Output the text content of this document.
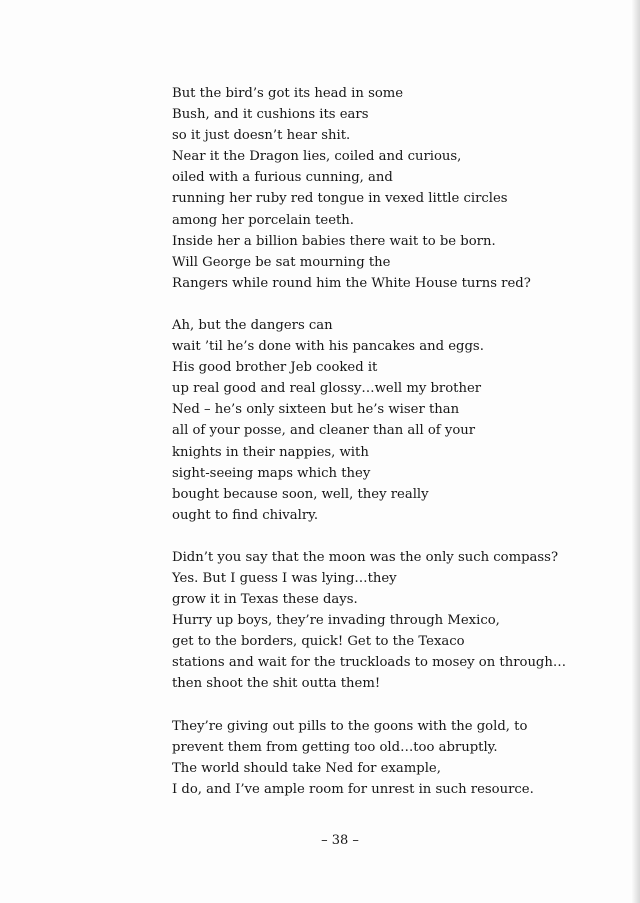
But the bird’s got its head in some
Bush, and it cushions its ears
so it just doesn’t hear shit.
Near it the Dragon lies, coiled and curious,
oiled with a furious cunning, and
running her ruby red tongue in vexed little circles
among her porcelain teeth.
Inside her a billion babies there wait to be born.
Will George be sat mourning the
Rangers while round him the White House turns red?
Ah, but the dangers can
wait ’til he’s done with his pancakes and eggs.
His good brother Jeb cooked it
up real good and real glossy…well my brother
Ned – he’s only sixteen but he’s wiser than
all of your posse, and cleaner than all of your
knights in their nappies, with
sight-seeing maps which they
bought because soon, well, they really
ought to find chivalry.
Didn’t you say that the moon was the only such compass?
Yes. But I guess I was lying…they
grow it in Texas these days.
Hurry up boys, they’re invading through Mexico,
get to the borders, quick! Get to the Texaco
stations and wait for the truckloads to mosey on through…
then shoot the shit outta them!
They’re giving out pills to the goons with the gold, to
prevent them from getting too old…too abruptly.
The world should take Ned for example,
I do, and I’ve ample room for unrest in such resource.
– 38 –
